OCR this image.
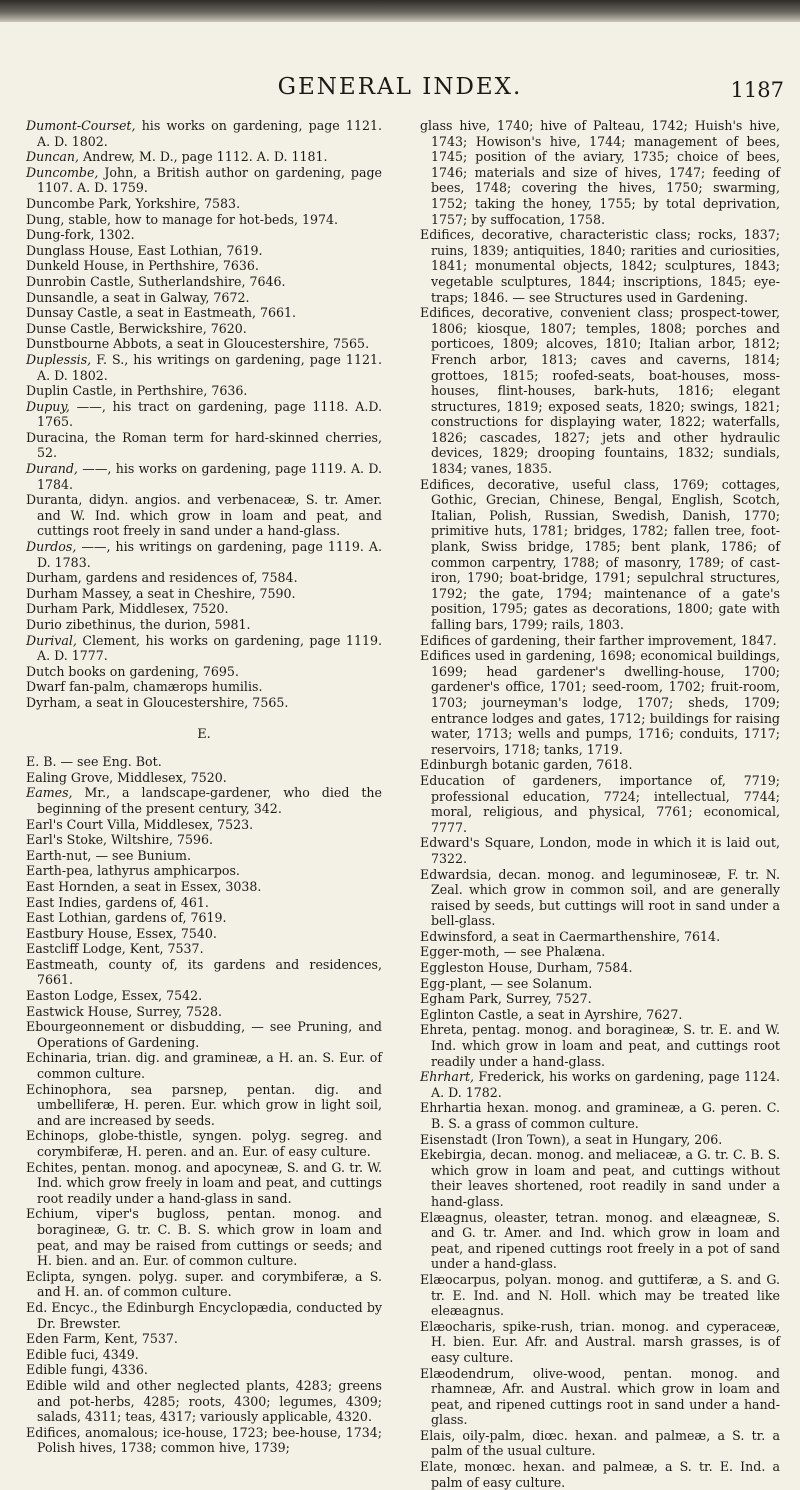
GENERAL INDEX.	1187

Dumont-Courset, his works on gardening, page 1121. A. D. 1802.

Duncan, Andrew, M. D., page 1112. A. D. 1181.

Duncombe, John, a British author on gardening, page 1107. A. D. 1759.

Duncombe Park, Yorkshire, 7583.

Dung, stable, how to manage for hot-beds, 1974.

Dung-fork, 1302.

Dunglass House, East Lothian, 7619.

Dunkeld House, in Perthshire, 7636.

Dunrobin Castle, Sutherlandshire, 7646.

Dunsandle, a seat in Galway, 7672.

Dunsay Castle, a seat in Eastmeath, 7661.

Dunse Castle, Berwickshire, 7620.

Dunstbourne Abbots, a seat in Gloucestershire, 7565.

Duplessis, F. S., his writings on gardening, page 1121. A. D. 1802.

Duplin Castle, in Perthshire, 7636.

Dupuy, ——, his tract on gardening, page 1118. A.D. 1765.

Duracina, the Roman term for hard-skinned cherries, 52.

Durand, ——, his works on gardening, page 1119. A. D. 1784.

Duranta, didyn. angios. and verbenaceæ, S. tr. Amer. and W. Ind. which grow in loam and peat, and cuttings root freely in sand under a hand-glass.

Durdos, ——, his writings on gardening, page 1119. A. D. 1783.

Durham, gardens and residences of, 7584.

Durham Massey, a seat in Cheshire, 7590.

Durham Park, Middlesex, 7520.

Durio zibethinus, the durion, 5981.

Durival, Clement, his works on gardening, page 1119. A. D. 1777.

Dutch books on gardening, 7695.

Dwarf fan-palm, chamærops humilis.

Dyrham, a seat in Gloucestershire, 7565.

E.

E. B. — see Eng. Bot.

Ealing Grove, Middlesex, 7520.

Eames, Mr., a landscape-gardener, who died the beginning of the present century, 342.

Earl's Court Villa, Middlesex, 7523.

Earl's Stoke, Wiltshire, 7596.

Earth-nut, — see Bunium.

Earth-pea, lathyrus amphicarpos.

East Hornden, a seat in Essex, 3038.

East Indies, gardens of, 461.

East Lothian, gardens of, 7619.

Eastbury House, Essex, 7540.

Eastcliff Lodge, Kent, 7537.

Eastmeath, county of, its gardens and residences, 7661.

Easton Lodge, Essex, 7542.

Eastwick House, Surrey, 7528.

Ebourgeonnement or disbudding, — see Pruning, and Operations of Gardening.

Echinaria, trian. dig. and gramineæ, a H. an. S. Eur. of common culture.

Echinophora, sea parsnep, pentan. dig. and umbelliferæ, H. peren. Eur. which grow in light soil, and are increased by seeds.

Echinops, globe-thistle, syngen. polyg. segreg. and corymbiferæ, H. peren. and an. Eur. of easy culture.

Echites, pentan. monog. and apocyneæ, S. and G. tr. W. Ind. which grow freely in loam and peat, and cuttings root readily under a hand-glass in sand.

Echium, viper's bugloss, pentan. monog. and boragineæ, G. tr. C. B. S. which grow in loam and peat, and may be raised from cuttings or seeds; and H. bien. and an. Eur. of common culture.

Eclipta, syngen. polyg. super. and corymbiferæ, a S. and H. an. of common culture.

Ed. Encyc., the Edinburgh Encyclopædia, conducted by Dr. Brewster.

Eden Farm, Kent, 7537.

Edible fuci, 4349.

Edible fungi, 4336.

Edible wild and other neglected plants, 4283; greens and pot-herbs, 4285; roots, 4300; legumes, 4309; salads, 4311; teas, 4317; variously applicable, 4320.

Edifices, anomalous; ice-house, 1723; bee-house, 1734; Polish hives, 1738; common hive, 1739;

glass hive, 1740; hive of Palteau, 1742; Huish's hive, 1743; Howison's hive, 1744; management of bees, 1745; position of the aviary, 1735; choice of bees, 1746; materials and size of hives, 1747; feeding of bees, 1748; covering the hives, 1750; swarming, 1752; taking the honey, 1755; by total deprivation, 1757; by suffocation, 1758.

Edifices, decorative, characteristic class; rocks, 1837; ruins, 1839; antiquities, 1840; rarities and curiosities, 1841; monumental objects, 1842; sculptures, 1843; vegetable sculptures, 1844; inscriptions, 1845; eye-traps; 1846. — see Structures used in Gardening.

Edifices, decorative, convenient class; prospect-tower, 1806; kiosque, 1807; temples, 1808; porches and porticoes, 1809; alcoves, 1810; Italian arbor, 1812; French arbor, 1813; caves and caverns, 1814; grottoes, 1815; roofed-seats, boat-houses, moss-houses, flint-houses, bark-huts, 1816; elegant structures, 1819; exposed seats, 1820; swings, 1821; constructions for displaying water, 1822; waterfalls, 1826; cascades, 1827; jets and other hydraulic devices, 1829; drooping fountains, 1832; sundials, 1834; vanes, 1835.

Edifices, decorative, useful class, 1769; cottages, Gothic, Grecian, Chinese, Bengal, English, Scotch, Italian, Polish, Russian, Swedish, Danish, 1770; primitive huts, 1781; bridges, 1782; fallen tree, foot-plank, Swiss bridge, 1785; bent plank, 1786; of common carpentry, 1788; of masonry, 1789; of cast-iron, 1790; boat-bridge, 1791; sepulchral structures, 1792; the gate, 1794; maintenance of a gate's position, 1795; gates as decorations, 1800; gate with falling bars, 1799; rails, 1803.

Edifices of gardening, their farther improvement, 1847.

Edifices used in gardening, 1698; economical buildings, 1699; head gardener's dwelling-house, 1700; gardener's office, 1701; seed-room, 1702; fruit-room, 1703; journeyman's lodge, 1707; sheds, 1709; entrance lodges and gates, 1712; buildings for raising water, 1713; wells and pumps, 1716; conduits, 1717; reservoirs, 1718; tanks, 1719.

Edinburgh botanic garden, 7618.

Education of gardeners, importance of, 7719; professional education, 7724; intellectual, 7744; moral, religious, and physical, 7761; economical, 7777.

Edward's Square, London, mode in which it is laid out, 7322.

Edwardsia, decan. monog. and leguminoseæ, F. tr. N. Zeal. which grow in common soil, and are generally raised by seeds, but cuttings will root in sand under a bell-glass.

Edwinsford, a seat in Caermarthenshire, 7614.

Egger-moth, — see Phalæna.

Eggleston House, Durham, 7584.

Egg-plant, — see Solanum.

Egham Park, Surrey, 7527.

Eglinton Castle, a seat in Ayrshire, 7627.

Ehreta, pentag. monog. and boragineæ, S. tr. E. and W. Ind. which grow in loam and peat, and cuttings root readily under a hand-glass.

Ehrhart, Frederick, his works on gardening, page 1124. A. D. 1782.

Ehrhartia hexan. monog. and gramineæ, a G. peren. C. B. S. a grass of common culture.

Eisenstadt (Iron Town), a seat in Hungary, 206.

Ekebirgia, decan. monog. and meliaceæ, a G. tr. C. B. S. which grow in loam and peat, and cuttings without their leaves shortened, root readily in sand under a hand-glass.

Elæagnus, oleaster, tetran. monog. and elæagneæ, S. and G. tr. Amer. and Ind. which grow in loam and peat, and ripened cuttings root freely in a pot of sand under a hand-glass.

Elæocarpus, polyan. monog. and guttiferæ, a S. and G. tr. E. Ind. and N. Holl. which may be treated like eleæagnus.

Elæocharis, spike-rush, trian. monog. and cyperaceæ, H. bien. Eur. Afr. and Austral. marsh grasses, is of easy culture.

Elæodendrum, olive-wood, pentan. monog. and rhamneæ, Afr. and Austral. which grow in loam and peat, and ripened cuttings root in sand under a hand-glass.

Elais, oily-palm, diœc. hexan. and palmeæ, a S. tr. a palm of the usual culture.

Elate, monœc. hexan. and palmeæ, a S. tr. E. Ind. a palm of easy culture.
